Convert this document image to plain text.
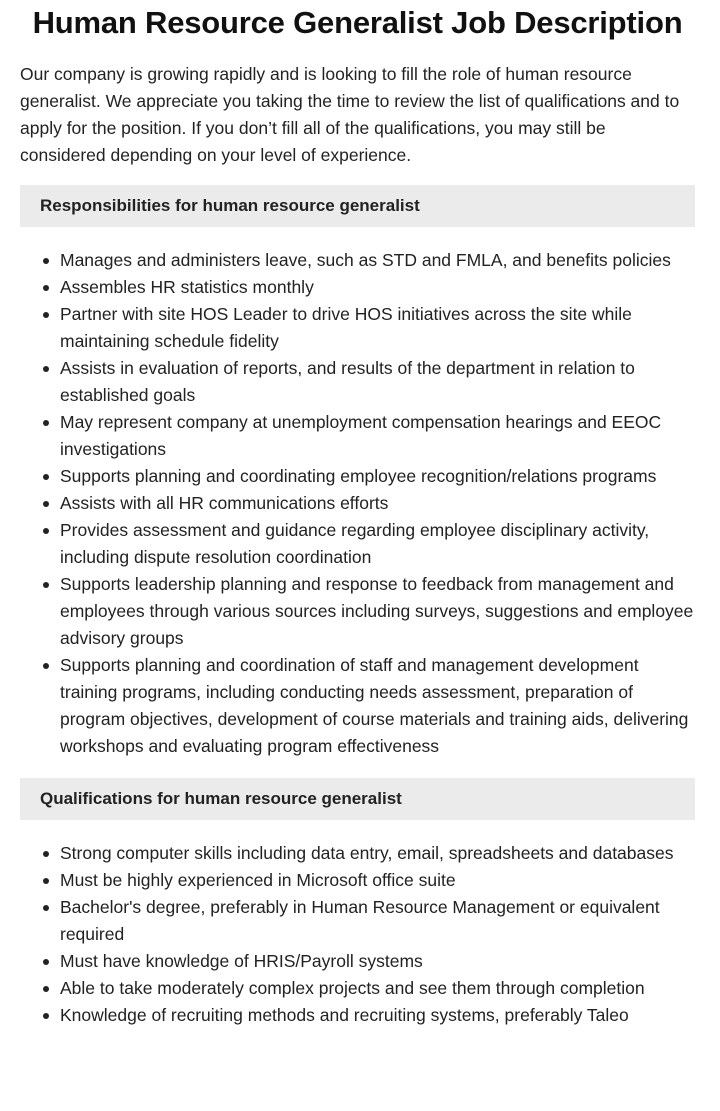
Human Resource Generalist Job Description

Our company is growing rapidly and is looking to fill the role of human resource generalist. We appreciate you taking the time to review the list of qualifications and to apply for the position. If you don’t fill all of the qualifications, you may still be considered depending on your level of experience.

Responsibilities for human resource generalist
Manages and administers leave, such as STD and FMLA, and benefits policies
Assembles HR statistics monthly
Partner with site HOS Leader to drive HOS initiatives across the site while maintaining schedule fidelity
Assists in evaluation of reports, and results of the department in relation to established goals
May represent company at unemployment compensation hearings and EEOC investigations
Supports planning and coordinating employee recognition/relations programs
Assists with all HR communications efforts
Provides assessment and guidance regarding employee disciplinary activity, including dispute resolution coordination
Supports leadership planning and response to feedback from management and employees through various sources including surveys, suggestions and employee advisory groups
Supports planning and coordination of staff and management development training programs, including conducting needs assessment, preparation of program objectives, development of course materials and training aids, delivering workshops and evaluating program effectiveness
Qualifications for human resource generalist
Strong computer skills including data entry, email, spreadsheets and databases
Must be highly experienced in Microsoft office suite
Bachelor's degree, preferably in Human Resource Management or equivalent required
Must have knowledge of HRIS/Payroll systems
Able to take moderately complex projects and see them through completion
Knowledge of recruiting methods and recruiting systems, preferably Taleo
